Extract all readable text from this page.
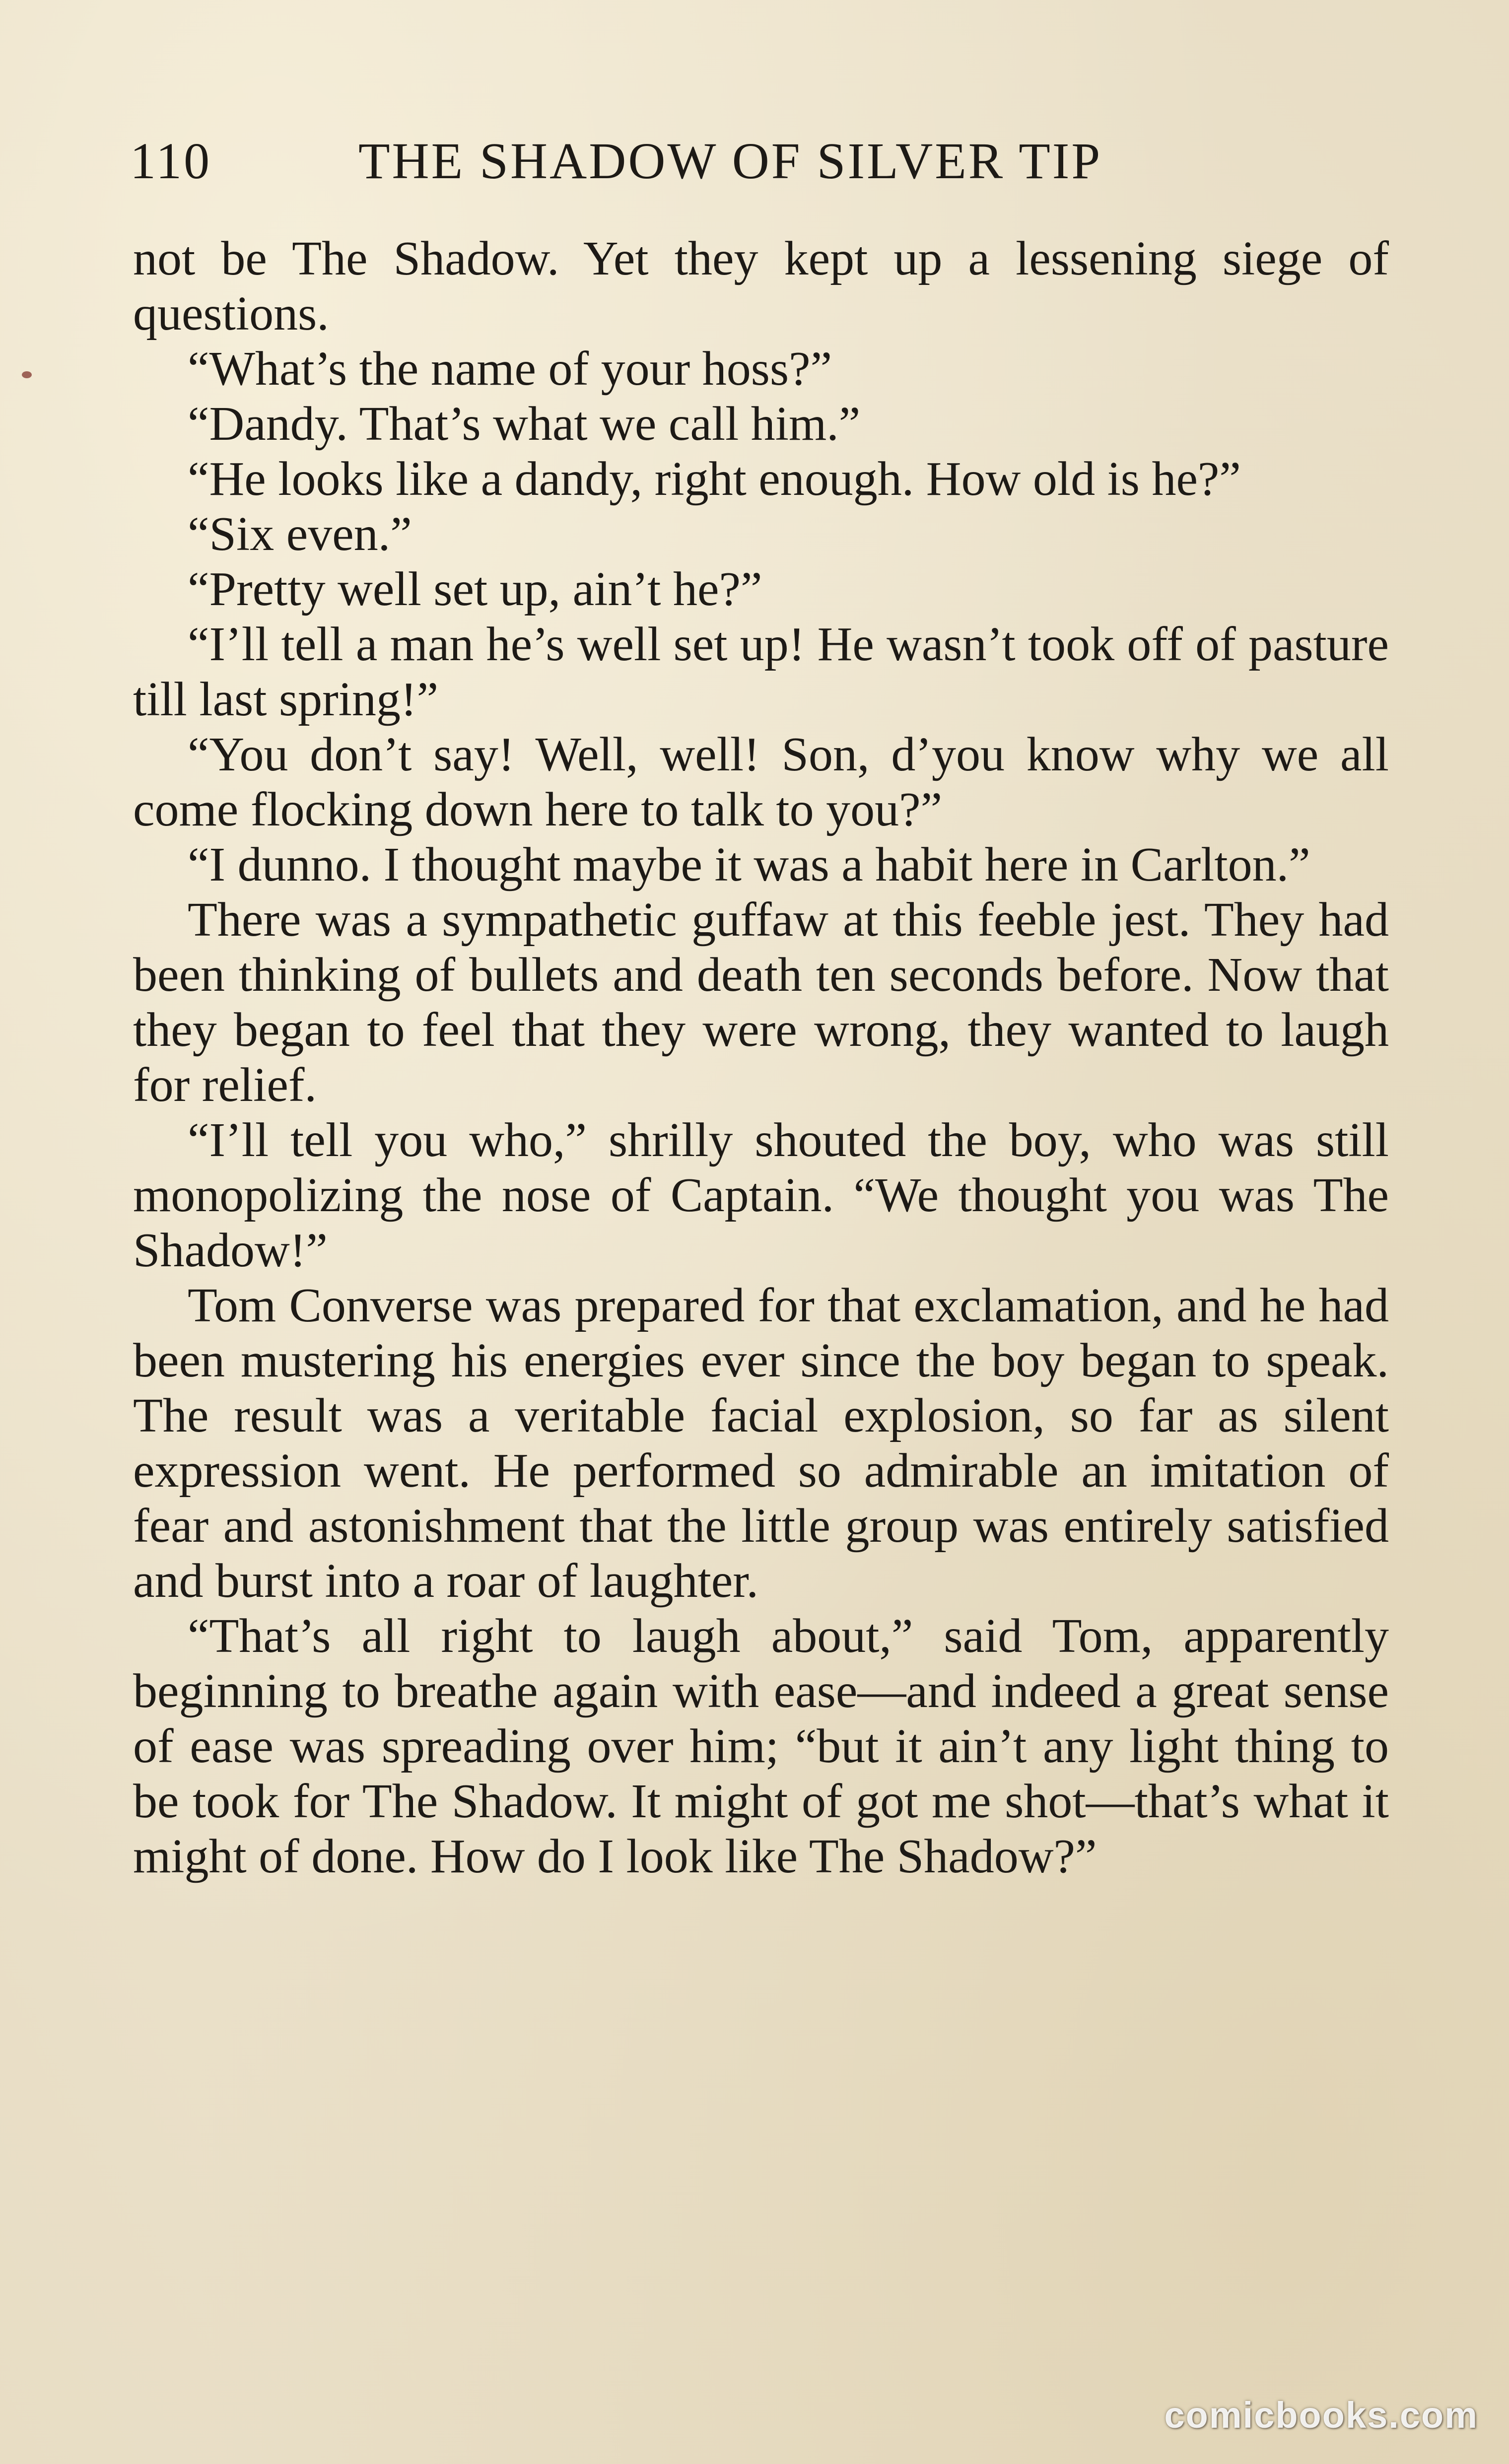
110	THE SHADOW OF SILVER TIP

not be The Shadow. Yet they kept up a lessening siege of questions.

“What’s the name of your hoss?”

“Dandy. That’s what we call him.”

“He looks like a dandy, right enough. How old is he?”

“Six even.”

“Pretty well set up, ain’t he?”

“I’ll tell a man he’s well set up! He wasn’t took off of pasture till last spring!”

“You don’t say! Well, well! Son, d’you know why we all come flocking down here to talk to you?”

“I dunno. I thought maybe it was a habit here in Carlton.”

There was a sympathetic guffaw at this feeble jest. They had been thinking of bullets and death ten seconds before. Now that they began to feel that they were wrong, they wanted to laugh for relief.

“I’ll tell you who,” shrilly shouted the boy, who was still monopolizing the nose of Captain. “We thought you was The Shadow!”

Tom Converse was prepared for that exclamation, and he had been mustering his energies ever since the boy began to speak. The result was a veritable facial explosion, so far as silent expression went. He performed so admirable an imitation of fear and astonishment that the little group was entirely satisfied and burst into a roar of laughter.

“That’s all right to laugh about,” said Tom, apparently beginning to breathe again with ease—and indeed a great sense of ease was spreading over him; “but it ain’t any light thing to be took for The Shadow. It might of got me shot—that’s what it might of done. How do I look like The Shadow?”

comicbooks.com
